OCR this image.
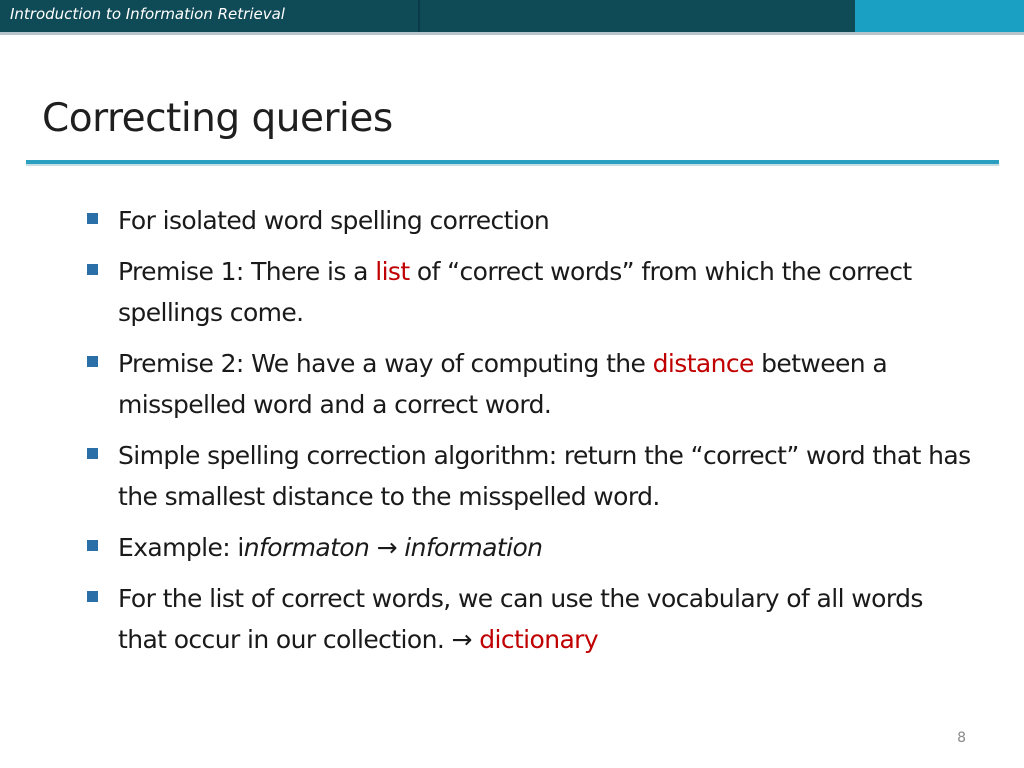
Introduction to Information Retrieval
Correcting queries
For isolated word spelling correction
Premise 1: There is a list of “correct words” from which the correct spellings come.
Premise 2: We have a way of computing the distance between a misspelled word and a correct word.
Simple spelling correction algorithm: return the “correct” word that has the smallest distance to the misspelled word.
Example: informaton → information
For the list of correct words, we can use the vocabulary of all words that occur in our collection. → dictionary
8
